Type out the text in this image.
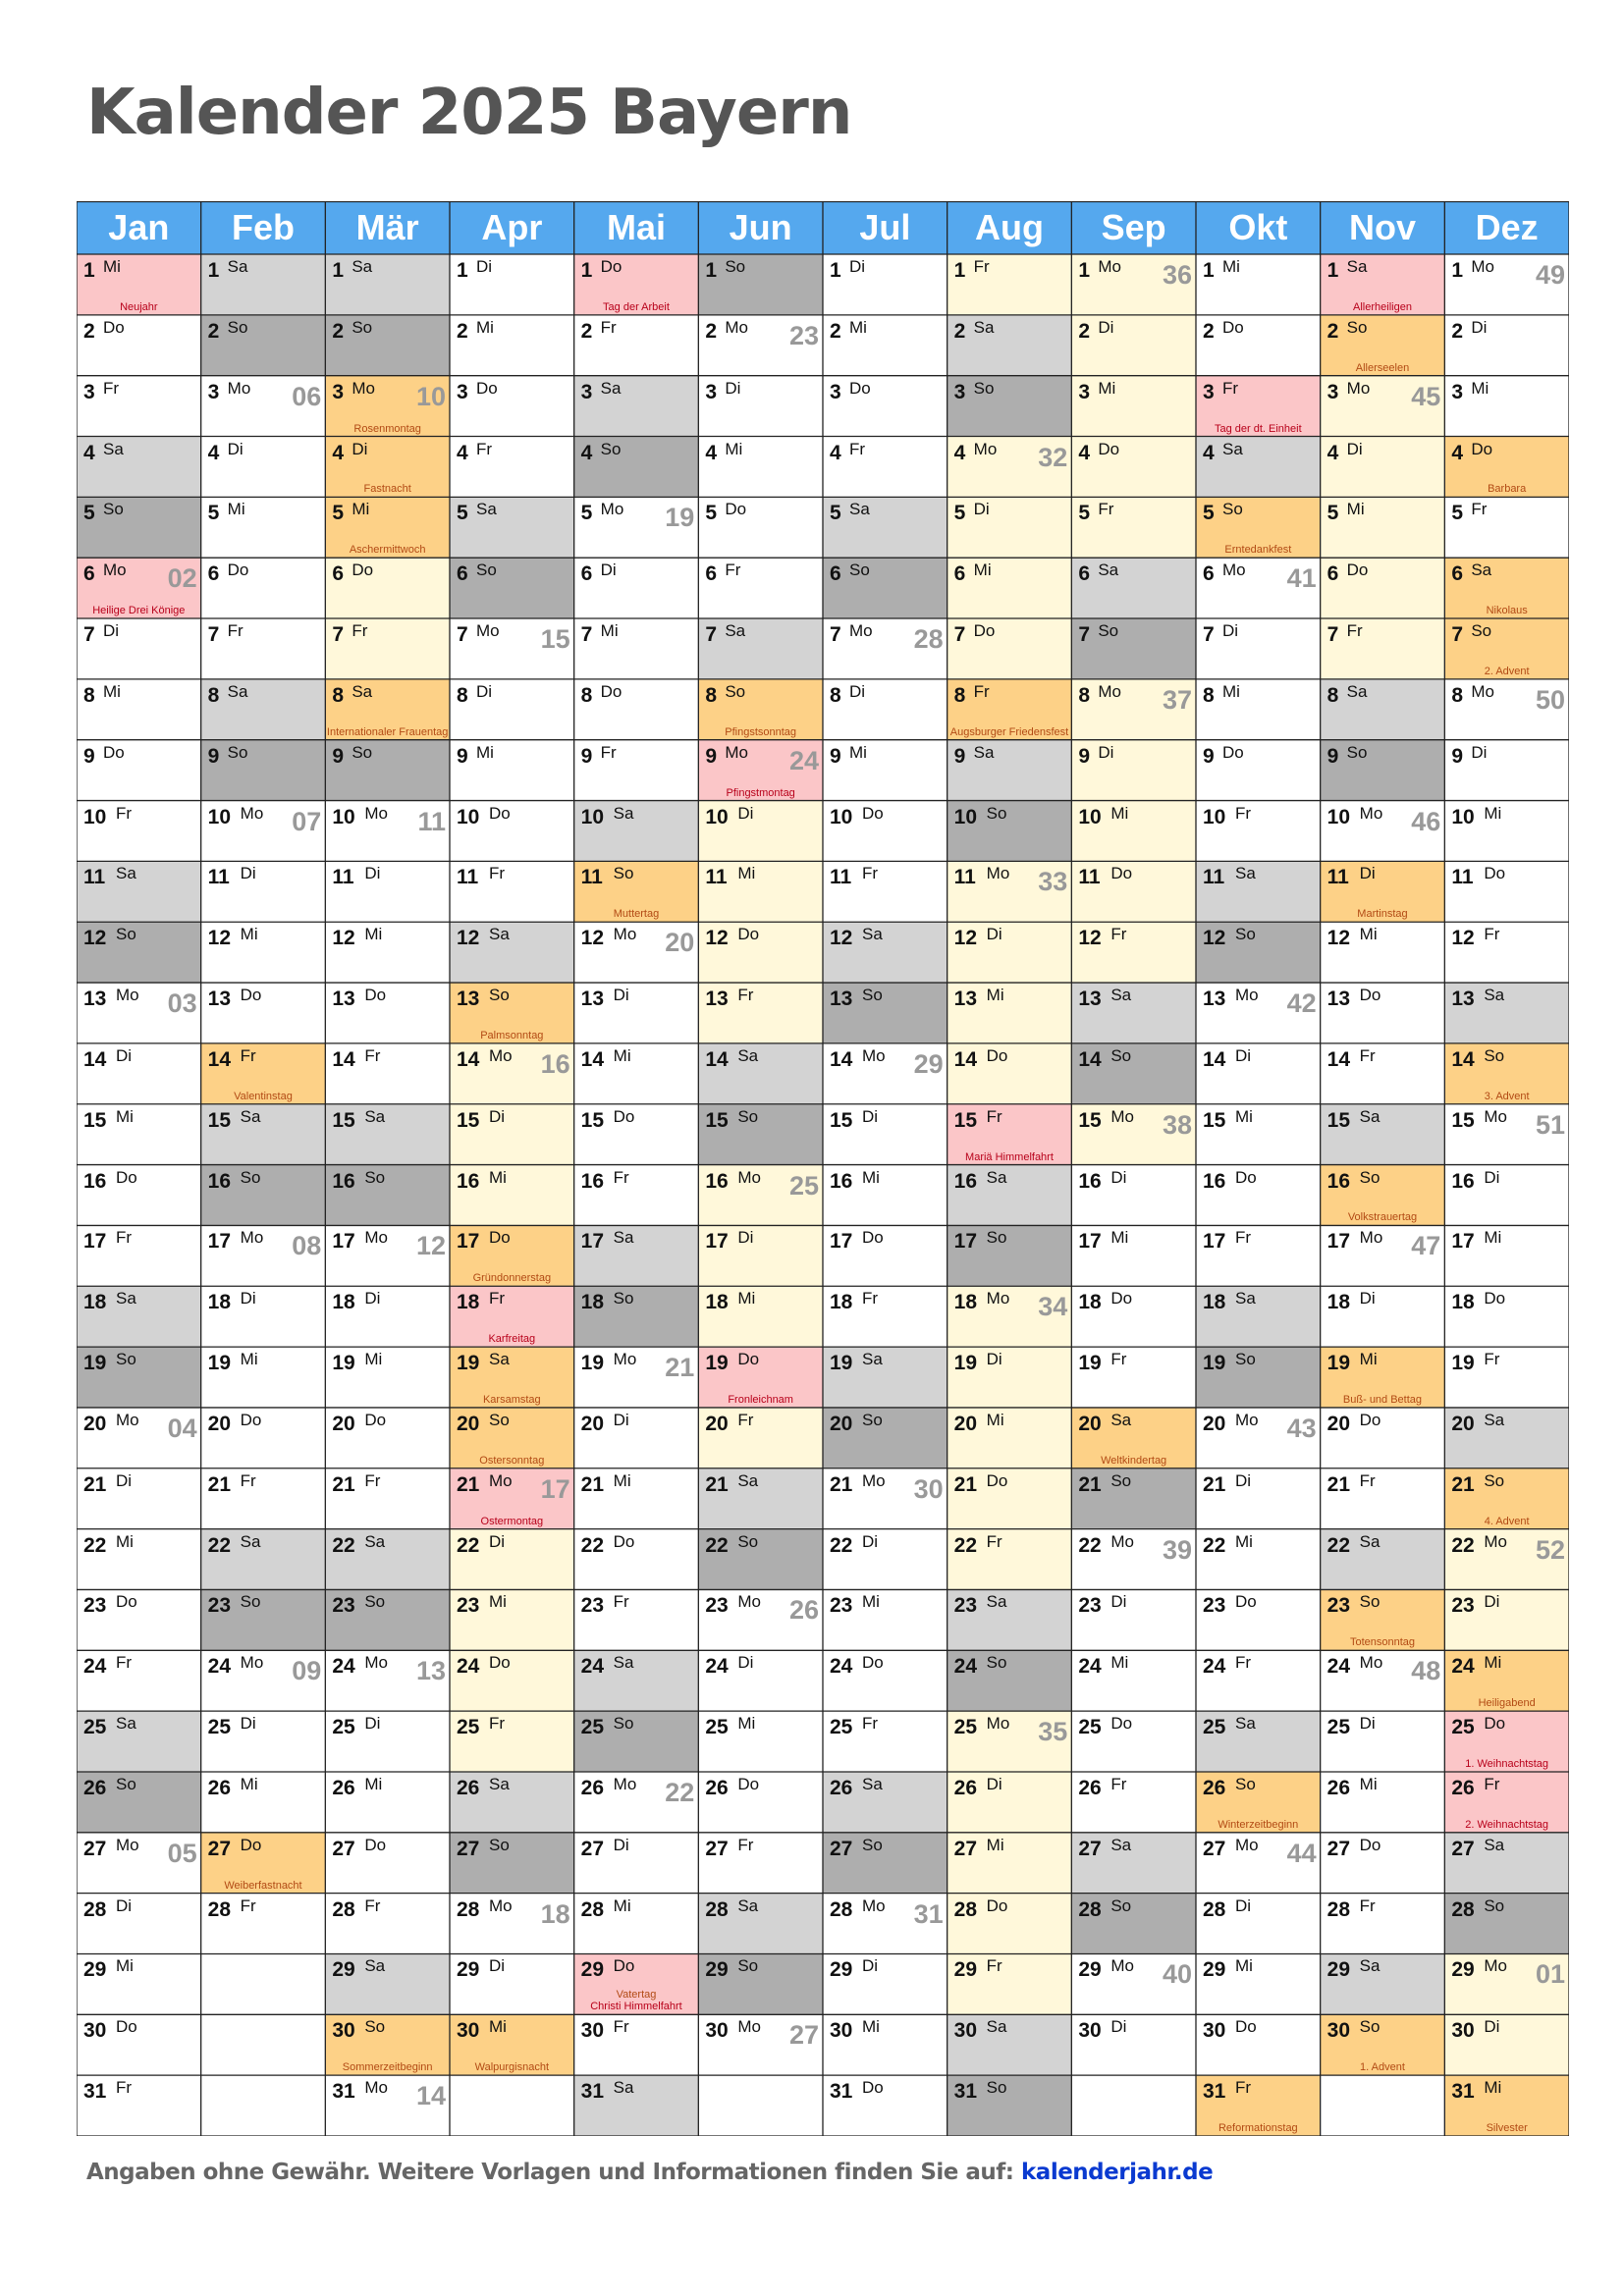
Kalender 2025 Bayern
Jan
1 Mi
Neujahr
2 Do
3 Fr
4 Sa
5 So
6 Mo 02
Heilige Drei Könige
7 Di
8 Mi
9 Do
10 Fr
11 Sa
12 So
13 Mo 03
14 Di
15 Mi
16 Do
17 Fr
18 Sa
19 So
20 Mo 04
21 Di
22 Mi
23 Do
24 Fr
25 Sa
26 So
27 Mo 05
28 Di
29 Mi
30 Do
31 Fr
Feb
1 Sa
2 So
3 Mo 06
4 Di
5 Mi
6 Do
7 Fr
8 Sa
9 So
10 Mo 07
11 Di
12 Mi
13 Do
14 Fr
Valentinstag
15 Sa
16 So
17 Mo 08
18 Di
19 Mi
20 Do
21 Fr
22 Sa
23 So
24 Mo 09
25 Di
26 Mi
27 Do
Weiberfastnacht
28 Fr
Mär
1 Sa
2 So
3 Mo 10
Rosenmontag
4 Di
Fastnacht
5 Mi
Aschermittwoch
6 Do
7 Fr
8 Sa
Internationaler Frauentag
9 So
10 Mo 11
11 Di
12 Mi
13 Do
14 Fr
15 Sa
16 So
17 Mo 12
18 Di
19 Mi
20 Do
21 Fr
22 Sa
23 So
24 Mo 13
25 Di
26 Mi
27 Do
28 Fr
29 Sa
30 So
Sommerzeitbeginn
31 Mo 14
Apr
1 Di
2 Mi
3 Do
4 Fr
5 Sa
6 So
7 Mo 15
8 Di
9 Mi
10 Do
11 Fr
12 Sa
13 So
Palmsonntag
14 Mo 16
15 Di
16 Mi
17 Do
Gründonnerstag
18 Fr
Karfreitag
19 Sa
Karsamstag
20 So
Ostersonntag
21 Mo 17
Ostermontag
22 Di
23 Mi
24 Do
25 Fr
26 Sa
27 So
28 Mo 18
29 Di
30 Mi
Walpurgisnacht
Mai
1 Do
Tag der Arbeit
2 Fr
3 Sa
4 So
5 Mo 19
6 Di
7 Mi
8 Do
9 Fr
10 Sa
11 So
Muttertag
12 Mo 20
13 Di
14 Mi
15 Do
16 Fr
17 Sa
18 So
19 Mo 21
20 Di
21 Mi
22 Do
23 Fr
24 Sa
25 So
26 Mo 22
27 Di
28 Mi
29 Do
Christi Himmelfahrt
Vatertag
30 Fr
31 Sa
Jun
1 So
2 Mo 23
3 Di
4 Mi
5 Do
6 Fr
7 Sa
8 So
Pfingstsonntag
9 Mo 24
Pfingstmontag
10 Di
11 Mi
12 Do
13 Fr
14 Sa
15 So
16 Mo 25
17 Di
18 Mi
19 Do
Fronleichnam
20 Fr
21 Sa
22 So
23 Mo 26
24 Di
25 Mi
26 Do
27 Fr
28 Sa
29 So
30 Mo 27
Jul
1 Di
2 Mi
3 Do
4 Fr
5 Sa
6 So
7 Mo 28
8 Di
9 Mi
10 Do
11 Fr
12 Sa
13 So
14 Mo 29
15 Di
16 Mi
17 Do
18 Fr
19 Sa
20 So
21 Mo 30
22 Di
23 Mi
24 Do
25 Fr
26 Sa
27 So
28 Mo 31
29 Di
30 Mi
31 Do
Aug
1 Fr
2 Sa
3 So
4 Mo 32
5 Di
6 Mi
7 Do
8 Fr
Augsburger Friedensfest
9 Sa
10 So
11 Mo 33
12 Di
13 Mi
14 Do
15 Fr
Mariä Himmelfahrt
16 Sa
17 So
18 Mo 34
19 Di
20 Mi
21 Do
22 Fr
23 Sa
24 So
25 Mo 35
26 Di
27 Mi
28 Do
29 Fr
30 Sa
31 So
Sep
1 Mo 36
2 Di
3 Mi
4 Do
5 Fr
6 Sa
7 So
8 Mo 37
9 Di
10 Mi
11 Do
12 Fr
13 Sa
14 So
15 Mo 38
16 Di
17 Mi
18 Do
19 Fr
20 Sa
Weltkindertag
21 So
22 Mo 39
23 Di
24 Mi
25 Do
26 Fr
27 Sa
28 So
29 Mo 40
30 Di
Okt
1 Mi
2 Do
3 Fr
Tag der dt. Einheit
4 Sa
5 So
Erntedankfest
6 Mo 41
7 Di
8 Mi
9 Do
10 Fr
11 Sa
12 So
13 Mo 42
14 Di
15 Mi
16 Do
17 Fr
18 Sa
19 So
20 Mo 43
21 Di
22 Mi
23 Do
24 Fr
25 Sa
26 So
Winterzeitbeginn
27 Mo 44
28 Di
29 Mi
30 Do
31 Fr
Reformationstag
Nov
1 Sa
Allerheiligen
2 So
Allerseelen
3 Mo 45
4 Di
5 Mi
6 Do
7 Fr
8 Sa
9 So
10 Mo 46
11 Di
Martinstag
12 Mi
13 Do
14 Fr
15 Sa
16 So
Volkstrauertag
17 Mo 47
18 Di
19 Mi
Buß- und Bettag
20 Do
21 Fr
22 Sa
23 So
Totensonntag
24 Mo 48
25 Di
26 Mi
27 Do
28 Fr
29 Sa
30 So
1. Advent
Dez
1 Mo 49
2 Di
3 Mi
4 Do
Barbara
5 Fr
6 Sa
Nikolaus
7 So
2. Advent
8 Mo 50
9 Di
10 Mi
11 Do
12 Fr
13 Sa
14 So
3. Advent
15 Mo 51
16 Di
17 Mi
18 Do
19 Fr
20 Sa
21 So
4. Advent
22 Mo 52
23 Di
24 Mi
Heiligabend
25 Do
1. Weihnachtstag
26 Fr
2. Weihnachtstag
27 Sa
28 So
29 Mo 01
30 Di
31 Mi
Silvester
Angaben ohne Gewähr. Weitere Vorlagen und Informationen finden Sie auf: kalenderjahr.de
